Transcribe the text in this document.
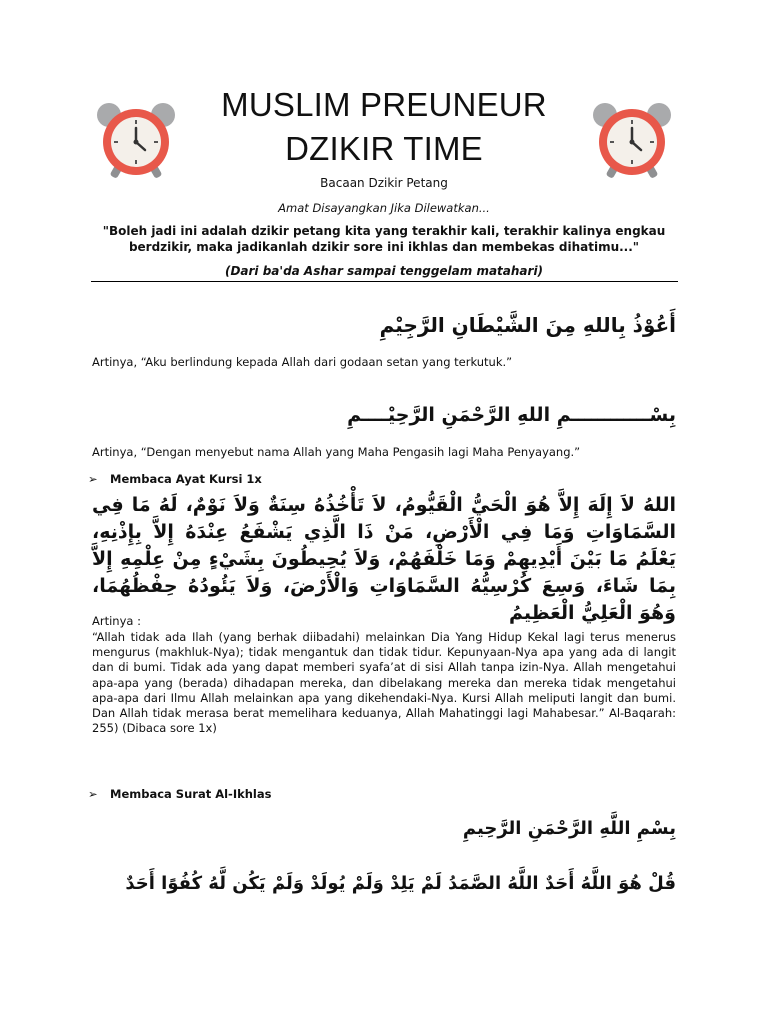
MUSLIM PREUNEUR
DZIKIR TIME
Bacaan Dzikir Petang
Amat Disayangkan Jika Dilewatkan...
"Boleh jadi ini adalah dzikir petang kita yang terakhir kali, terakhir kalinya engkau berdzikir, maka jadikanlah dzikir sore ini ikhlas dan membekas dihatimu..."
(Dari ba'da Ashar sampai tenggelam matahari)
أَعُوْذُ بِاللهِ مِنَ الشَّيْطَانِ الرَّجِيْمِ
Artinya, “Aku berlindung kepada Allah dari godaan setan yang terkutuk.”
بِسْــــــــــــمِ اللهِ الرَّحْمَنِ الرَّحِيْــــمِ
Artinya, “Dengan menyebut nama Allah yang Maha Pengasih lagi Maha Penyayang.”
➢ Membaca Ayat Kursi 1x
اللهُ لاَ إِلَهَ إِلاَّ هُوَ الْحَيُّ الْقَيُّومُ، لاَ تَأْخُذُهُ سِنَةٌ وَلاَ نَوْمٌ، لَهُ مَا فِي السَّمَاوَاتِ وَمَا فِي الْأَرْضِ، مَنْ ذَا الَّذِي يَشْفَعُ عِنْدَهُ إِلاَّ بِإِذْنِهِ، يَعْلَمُ مَا بَيْنَ أَيْدِيهِمْ وَمَا خَلْفَهُمْ، وَلاَ يُحِيطُونَ بِشَيْءٍ مِنْ عِلْمِهِ إِلاَّ بِمَا شَاءَ، وَسِعَ كُرْسِيُّهُ السَّمَاوَاتِ وَالْأَرْضَ، وَلاَ يَئُودُهُ حِفْظُهُمَا، وَهُوَ الْعَلِيُّ الْعَظِيمُ
Artinya :
“Allah tidak ada Ilah (yang berhak diibadahi) melainkan Dia Yang Hidup Kekal lagi terus menerus mengurus (makhluk-Nya); tidak mengantuk dan tidak tidur. Kepunyaan-Nya apa yang ada di langit dan di bumi. Tidak ada yang dapat memberi syafa’at di sisi Allah tanpa izin-Nya. Allah mengetahui apa-apa yang (berada) dihadapan mereka, dan dibelakang mereka dan mereka tidak mengetahui apa-apa dari Ilmu Allah melainkan apa yang dikehendaki-Nya. Kursi Allah meliputi langit dan bumi. Dan Allah tidak merasa berat memelihara keduanya, Allah Mahatinggi lagi Mahabesar.” Al-Baqarah: 255) (Dibaca sore 1x)
➢ Membaca Surat Al-Ikhlas
بِسْمِ اللَّهِ الرَّحْمَنِ الرَّحِيمِ
قُلْ هُوَ اللَّهُ أَحَدٌ اللَّهُ الصَّمَدُ لَمْ يَلِدْ وَلَمْ يُولَدْ وَلَمْ يَكُن لَّهُ كُفُوًا أَحَدٌ
